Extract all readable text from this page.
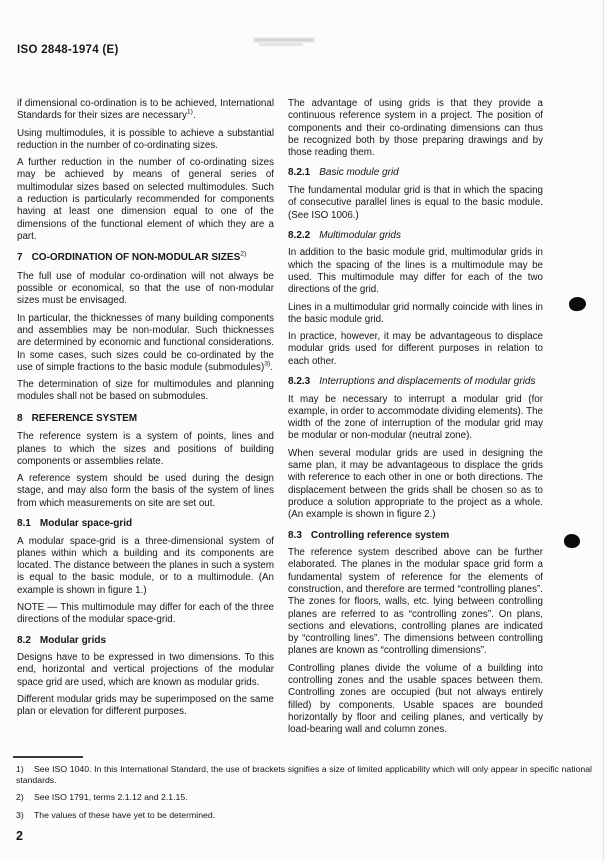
ISO 2848-1974 (E)

if dimensional co-ordination is to be achieved, International Standards for their sizes are necessary$^{1)}$.

Using multimodules, it is possible to achieve a substantial reduction in the number of co-ordinating sizes.

A further reduction in the number of co-ordinating sizes may be achieved by means of general series of multimodular sizes based on selected multimodules. Such a reduction is particularly recommended for components having at least one dimension equal to one of the dimensions of the functional element of which they are a part.

7 CO-ORDINATION OF NON-MODULAR SIZES$^{2)}$

The full use of modular co-ordination will not always be possible or economical, so that the use of non-modular sizes must be envisaged.

In particular, the thicknesses of many building components and assemblies may be non-modular. Such thicknesses are determined by economic and functional considerations. In some cases, such sizes could be co-ordinated by the use of simple fractions to the basic module (submodules)$^{3)}$.

The determination of size for multimodules and planning modules shall not be based on submodules.

8 REFERENCE SYSTEM

The reference system is a system of points, lines and planes to which the sizes and positions of building components or assemblies relate.

A reference system should be used during the design stage, and may also form the basis of the system of lines from which measurements on site are set out.

8.1 Modular space-grid

A modular space-grid is a three-dimensional system of planes within which a building and its components are located. The distance between the planes in such a system is equal to the basic module, or to a multimodule. (An example is shown in figure 1.)

NOTE — This multimodule may differ for each of the three directions of the modular space-grid.

8.2 Modular grids

Designs have to be expressed in two dimensions. To this end, horizontal and vertical projections of the modular space grid are used, which are known as modular grids.

Different modular grids may be superimposed on the same plan or elevation for different purposes.

The advantage of using grids is that they provide a continuous reference system in a project. The position of components and their co-ordinating dimensions can thus be recognized both by those preparing drawings and by those reading them.

8.2.1 Basic module grid

The fundamental modular grid is that in which the spacing of consecutive parallel lines is equal to the basic module. (See ISO 1006.)

8.2.2 Multimodular grids

In addition to the basic module grid, multimodular grids in which the spacing of the lines is a multimodule may be used. This multimodule may differ for each of the two directions of the grid.

Lines in a multimodular grid normally coincide with lines in the basic module grid.

In practice, however, it may be advantageous to displace modular grids used for different purposes in relation to each other.

8.2.3 Interruptions and displacements of modular grids

It may be necessary to interrupt a modular grid (for example, in order to accommodate dividing elements). The width of the zone of interruption of the modular grid may be modular or non-modular (neutral zone).

When several modular grids are used in designing the same plan, it may be advantageous to displace the grids with reference to each other in one or both directions. The displacement between the grids shall be chosen so as to produce a solution appropriate to the project as a whole. (An example is shown in figure 2.)

8.3 Controlling reference system

The reference system described above can be further elaborated. The planes in the modular space grid form a fundamental system of reference for the elements of construction, and therefore are termed “controlling planes”. The zones for floors, walls, etc. lying between controlling planes are referred to as “controlling zones”. On plans, sections and elevations, controlling planes are indicated by “controlling lines”. The dimensions between controlling planes are known as “controlling dimensions”.

Controlling planes divide the volume of a building into controlling zones and the usable spaces between them. Controlling zones are occupied (but not always entirely filled) by components. Usable spaces are bounded horizontally by floor and ceiling planes, and vertically by load-bearing wall and column zones.

1) See ISO 1040. In this International Standard, the use of brackets signifies a size of limited applicability which will only appear in specific national standards.
2) See ISO 1791, terms 2.1.12 and 2.1.15.
3) The values of these have yet to be determined.
2
